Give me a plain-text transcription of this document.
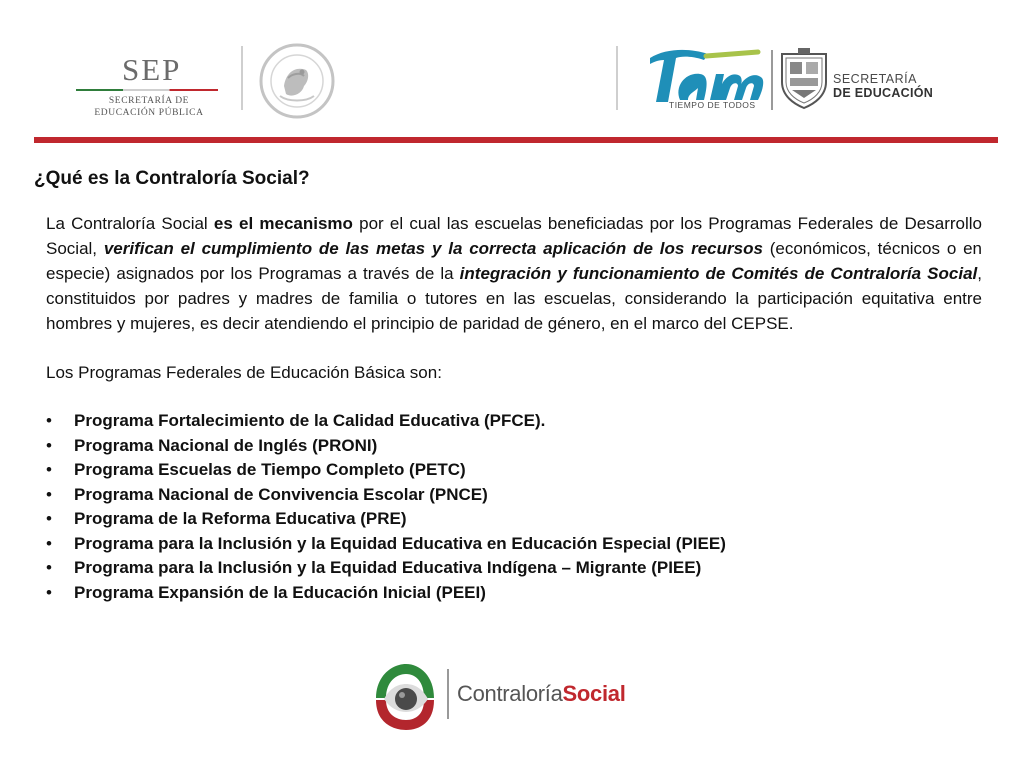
SEP
SECRETARÍA DE
EDUCACIÓN PÚBLICA
TIEMPO DE TODOS
SECRETARÍA
DE EDUCACIÓN
¿Qué es la Contraloría Social?

La Contraloría Social es el mecanismo por el cual las escuelas beneficiadas por los Programas Federales de Desarrollo Social, verifican el cumplimiento de las metas y la correcta aplicación de los recursos (económicos, técnicos o en especie) asignados por los Programas a través de la integración y funcionamiento de Comités de Contraloría Social, constituidos por padres y madres de familia o tutores en las escuelas, considerando la participación equitativa entre hombres y mujeres, es decir atendiendo el principio de paridad de género, en el marco del CEPSE.

Los Programas Federales de Educación Básica son:

• Programa Fortalecimiento de la Calidad Educativa (PFCE).
• Programa Nacional de Inglés (PRONI)
• Programa Escuelas de Tiempo Completo (PETC)
• Programa Nacional de Convivencia Escolar (PNCE)
• Programa de la Reforma Educativa (PRE)
• Programa para la Inclusión y la Equidad Educativa en Educación Especial (PIEE)
• Programa para la Inclusión y la Equidad Educativa Indígena – Migrante (PIEE)
• Programa Expansión de la Educación Inicial (PEEI)
ContraloríaSocial
